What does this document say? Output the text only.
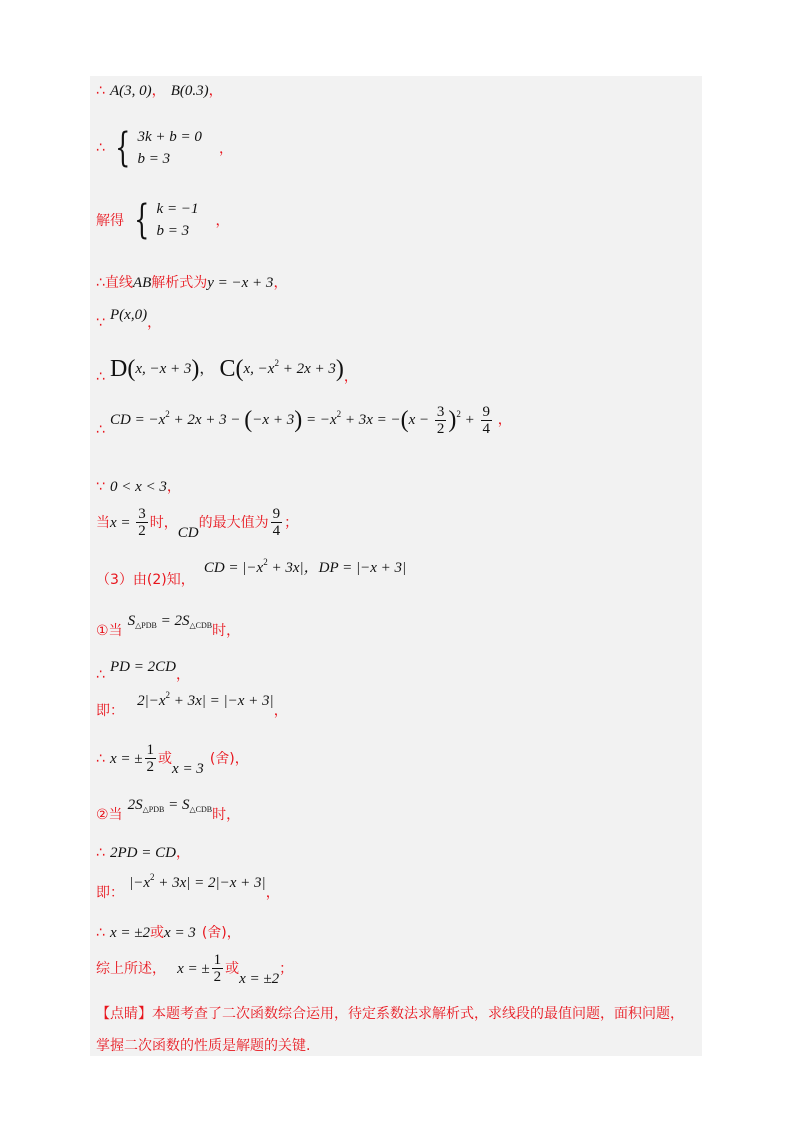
∴ A(3, 0)， B(0.3)，
∴ { 3k + b = 0
b = 3
，
解得 { k = −1
b = 3
，
∴直线AB解析式为y = −x + 3，
∵ P(x,0)，
∴ D(x, −x + 3)， C(x, $-x^2 + 2x + 3$)，
∴ CD = $-x^2 + 2x + 3 - (-x + 3) = -x^2 + 3x = -(x - \frac{3}{2} )^2 + \frac{9}{4}$ ，
∵ 0 < x < 3，
当$x = \frac{3}{2}$ 时，CD的最大值为 $\frac{9}{4}$ ；
（3）由(2)知， CD = $|-x^2 + 3x|$，DP = |−x + 3|
①当 $S_{\triangle PDB} = 2S_{\triangle CDB}$时，
∴ PD = 2CD，
即： $2|-x^2 + 3x| = |-x + 3|$，
∴ x = ± $\frac{1}{2}$ 或x = 3(舍)，
②当 $2S_{\triangle PDB} = S_{\triangle CDB}$时，
∴ 2PD = CD，
即： $|-x^2 + 3x| = 2|-x + 3|$，
∴ x = ±2或x = 3 (舍)，
综上所述， x = ± $\frac{1}{2}$ 或x = ±2；
【点睛】本题考查了二次函数综合运用，待定系数法求解析式，求线段的最值问题，面积问题，掌握二次函数的性质是解题的关键.
